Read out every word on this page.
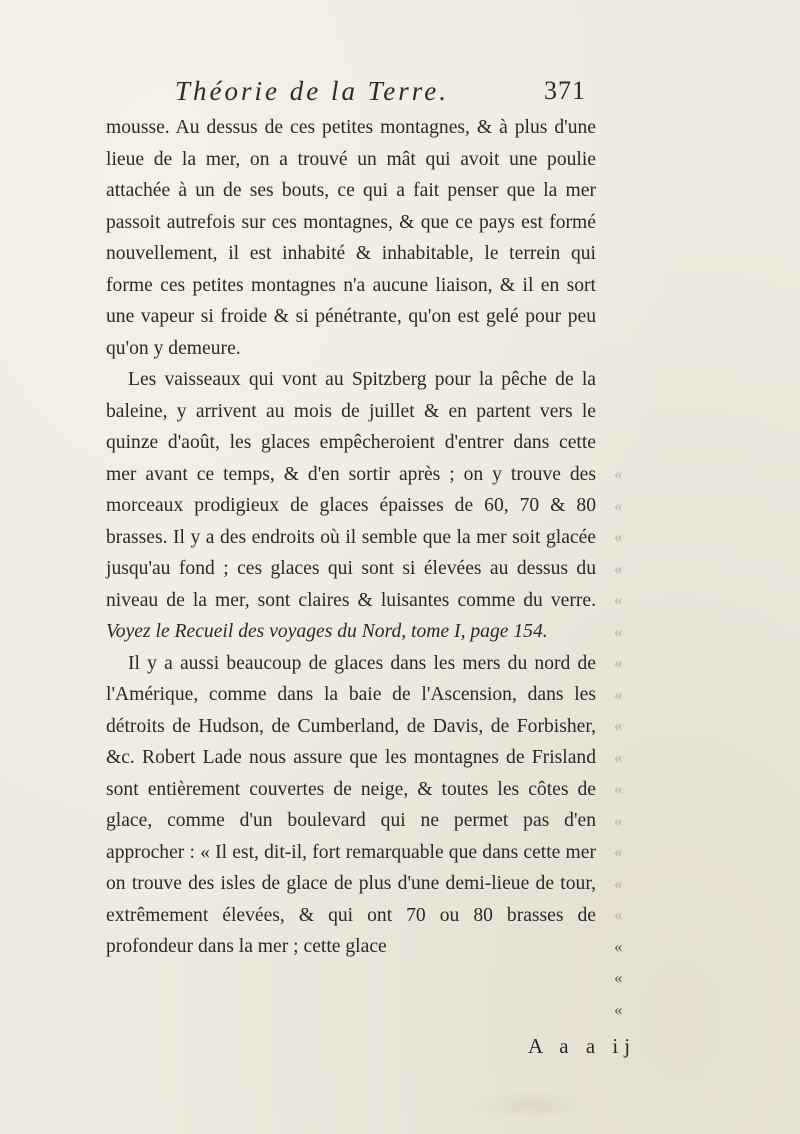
Théorie de la Terre.	371

mousse. Au dessus de ces petites montagnes, & à plus d'une lieue de la mer, on a trouvé un mât qui avoit une poulie attachée à un de ses bouts, ce qui a fait penser que la mer passoit autrefois sur ces montagnes, & que ce pays est formé nouvellement, il est inhabité & inhabitable, le terrein qui forme ces petites montagnes n'a aucune liaison, & il en sort une vapeur si froide & si pénétrante, qu'on est gelé pour peu qu'on y demeure.

Les vaisseaux qui vont au Spitzberg pour la pêche de la baleine, y arrivent au mois de juillet & en partent vers le quinze d'août, les glaces empêcheroient d'entrer dans cette mer avant ce temps, & d'en sortir après ; on y trouve des morceaux prodigieux de glaces épaisses de 60, 70 & 80 brasses. Il y a des endroits où il semble que la mer soit glacée jusqu'au fond ; ces glaces qui sont si élevées au dessus du niveau de la mer, sont claires & luisantes comme du verre. Voyez le Recueil des voyages du Nord, tome I, page 154.

Il y a aussi beaucoup de glaces dans les mers du nord de l'Amérique, comme dans la baie de l'Ascension, dans les détroits de Hudson, de Cumberland, de Davis, de Forbisher, &c. Robert Lade nous assure que les montagnes de Frisland sont entièrement couvertes de neige, & toutes les côtes de glace, comme d'un boulevard qui ne permet pas d'en approcher : « Il est, dit-il, fort remarquable que dans cette mer on trouve des isles de glace de plus d'une demi-lieue de tour, extrêmement élevées, & qui ont 70 ou 80 brasses de profondeur dans la mer ; cette glace

«
«
«
«
«
«
«
«
«
«
«
«
«
«
«
«
«
«
A a a ij
